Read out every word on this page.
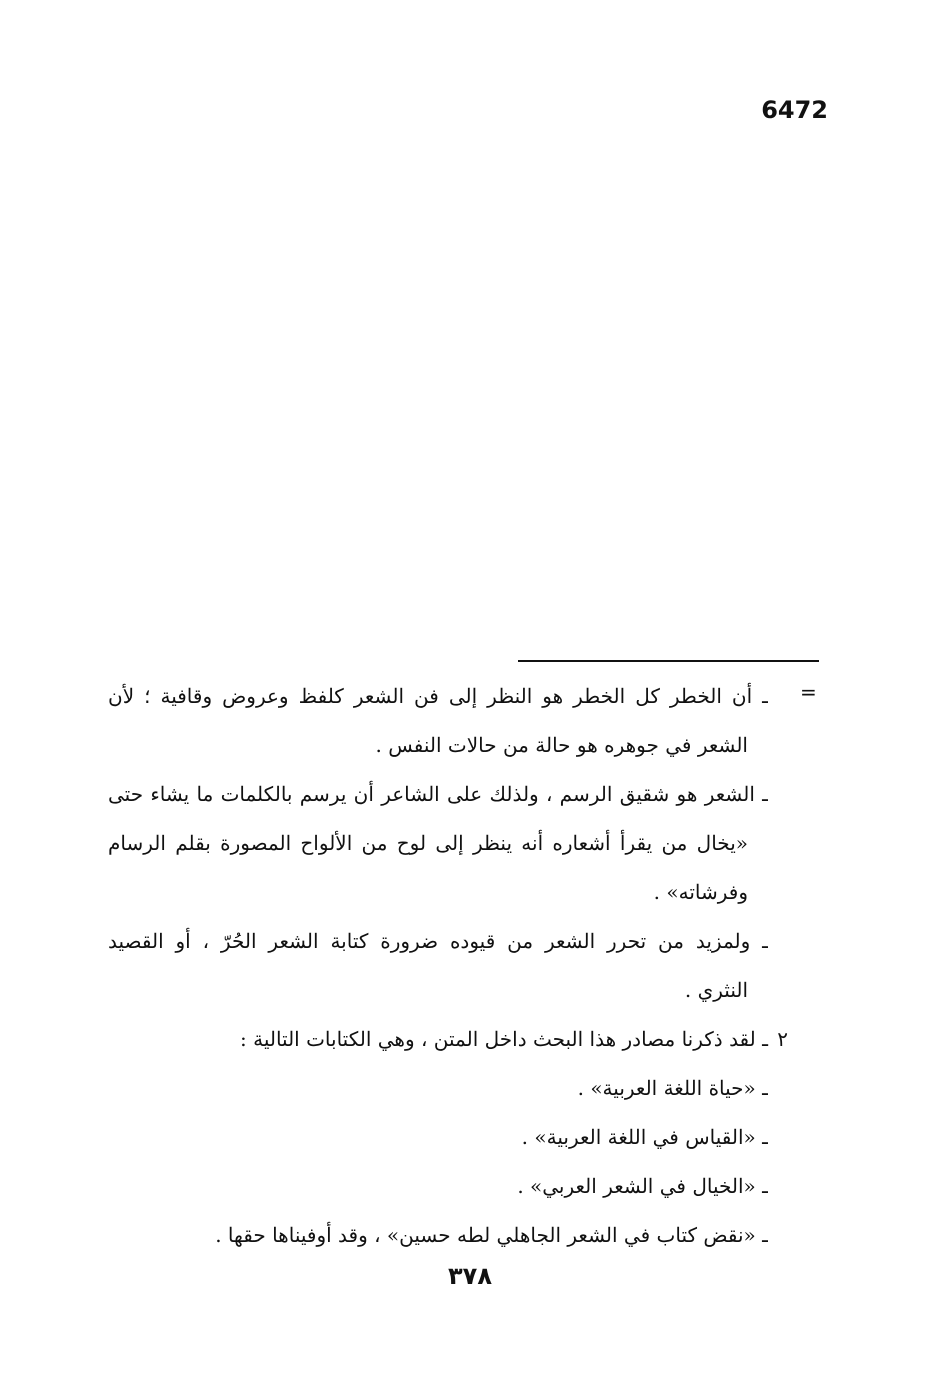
6472
=
ـ أن الخطر كل الخطر هو النظر إلى فن الشعر كلفظ وعروض وقافية ؛ لأن
الشعر في جوهره هو حالة من حالات النفس .
ـ الشعر هو شقيق الرسم ، ولذلك على الشاعر أن يرسم بالكلمات ما يشاء حتى
«يخال من يقرأ أشعاره أنه ينظر إلى لوح من الألواح المصورة بقلم الرسام
وفرشاته» .
ـ ولمزيد من تحرر الشعر من قيوده ضرورة كتابة الشعر الحُرّ ، أو القصيد
النثري .
٢ـ لقد ذكرنا مصادر هذا البحث داخل المتن ، وهي الكتابات التالية :
ـ «حياة اللغة العربية» .
ـ «القياس في اللغة العربية» .
ـ «الخيال في الشعر العربي» .
ـ «نقض كتاب في الشعر الجاهلي لطه حسين» ، وقد أوفيناها حقها .
٣٧٨
